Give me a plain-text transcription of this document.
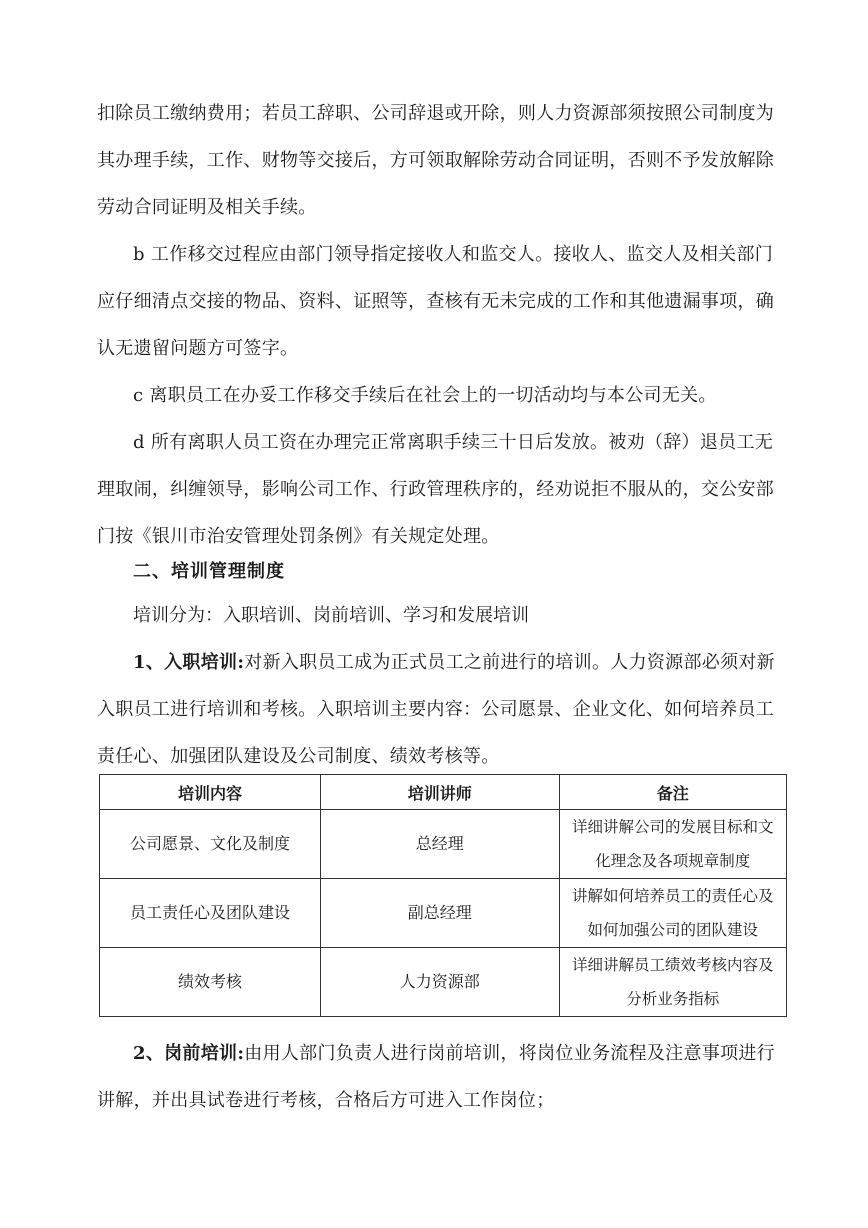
扣除员工缴纳费用；若员工辞职、公司辞退或开除，则人力资源部须按照公司制度为其办理手续，工作、财物等交接后，方可领取解除劳动合同证明，否则不予发放解除劳动合同证明及相关手续。

b 工作移交过程应由部门领导指定接收人和监交人。接收人、监交人及相关部门应仔细清点交接的物品、资料、证照等，查核有无未完成的工作和其他遗漏事项，确认无遗留问题方可签字。

c 离职员工在办妥工作移交手续后在社会上的一切活动均与本公司无关。

d 所有离职人员工资在办理完正常离职手续三十日后发放。被劝（辞）退员工无理取闹，纠缠领导，影响公司工作、行政管理秩序的，经劝说拒不服从的，交公安部门按《银川市治安管理处罚条例》有关规定处理。

二、培训管理制度

培训分为：入职培训、岗前培训、学习和发展培训

1、入职培训:对新入职员工成为正式员工之前进行的培训。人力资源部必须对新入职员工进行培训和考核。入职培训主要内容：公司愿景、企业文化、如何培养员工责任心、加强团队建设及公司制度、绩效考核等。

培训内容	培训讲师	备注
公司愿景、文化及制度	总经理	详细讲解公司的发展目标和文化理念及各项规章制度
员工责任心及团队建设	副总经理	讲解如何培养员工的责任心及如何加强公司的团队建设
绩效考核	人力资源部	详细讲解员工绩效考核内容及分析业务指标

2、岗前培训:由用人部门负责人进行岗前培训，将岗位业务流程及注意事项进行讲解，并出具试卷进行考核，合格后方可进入工作岗位；
